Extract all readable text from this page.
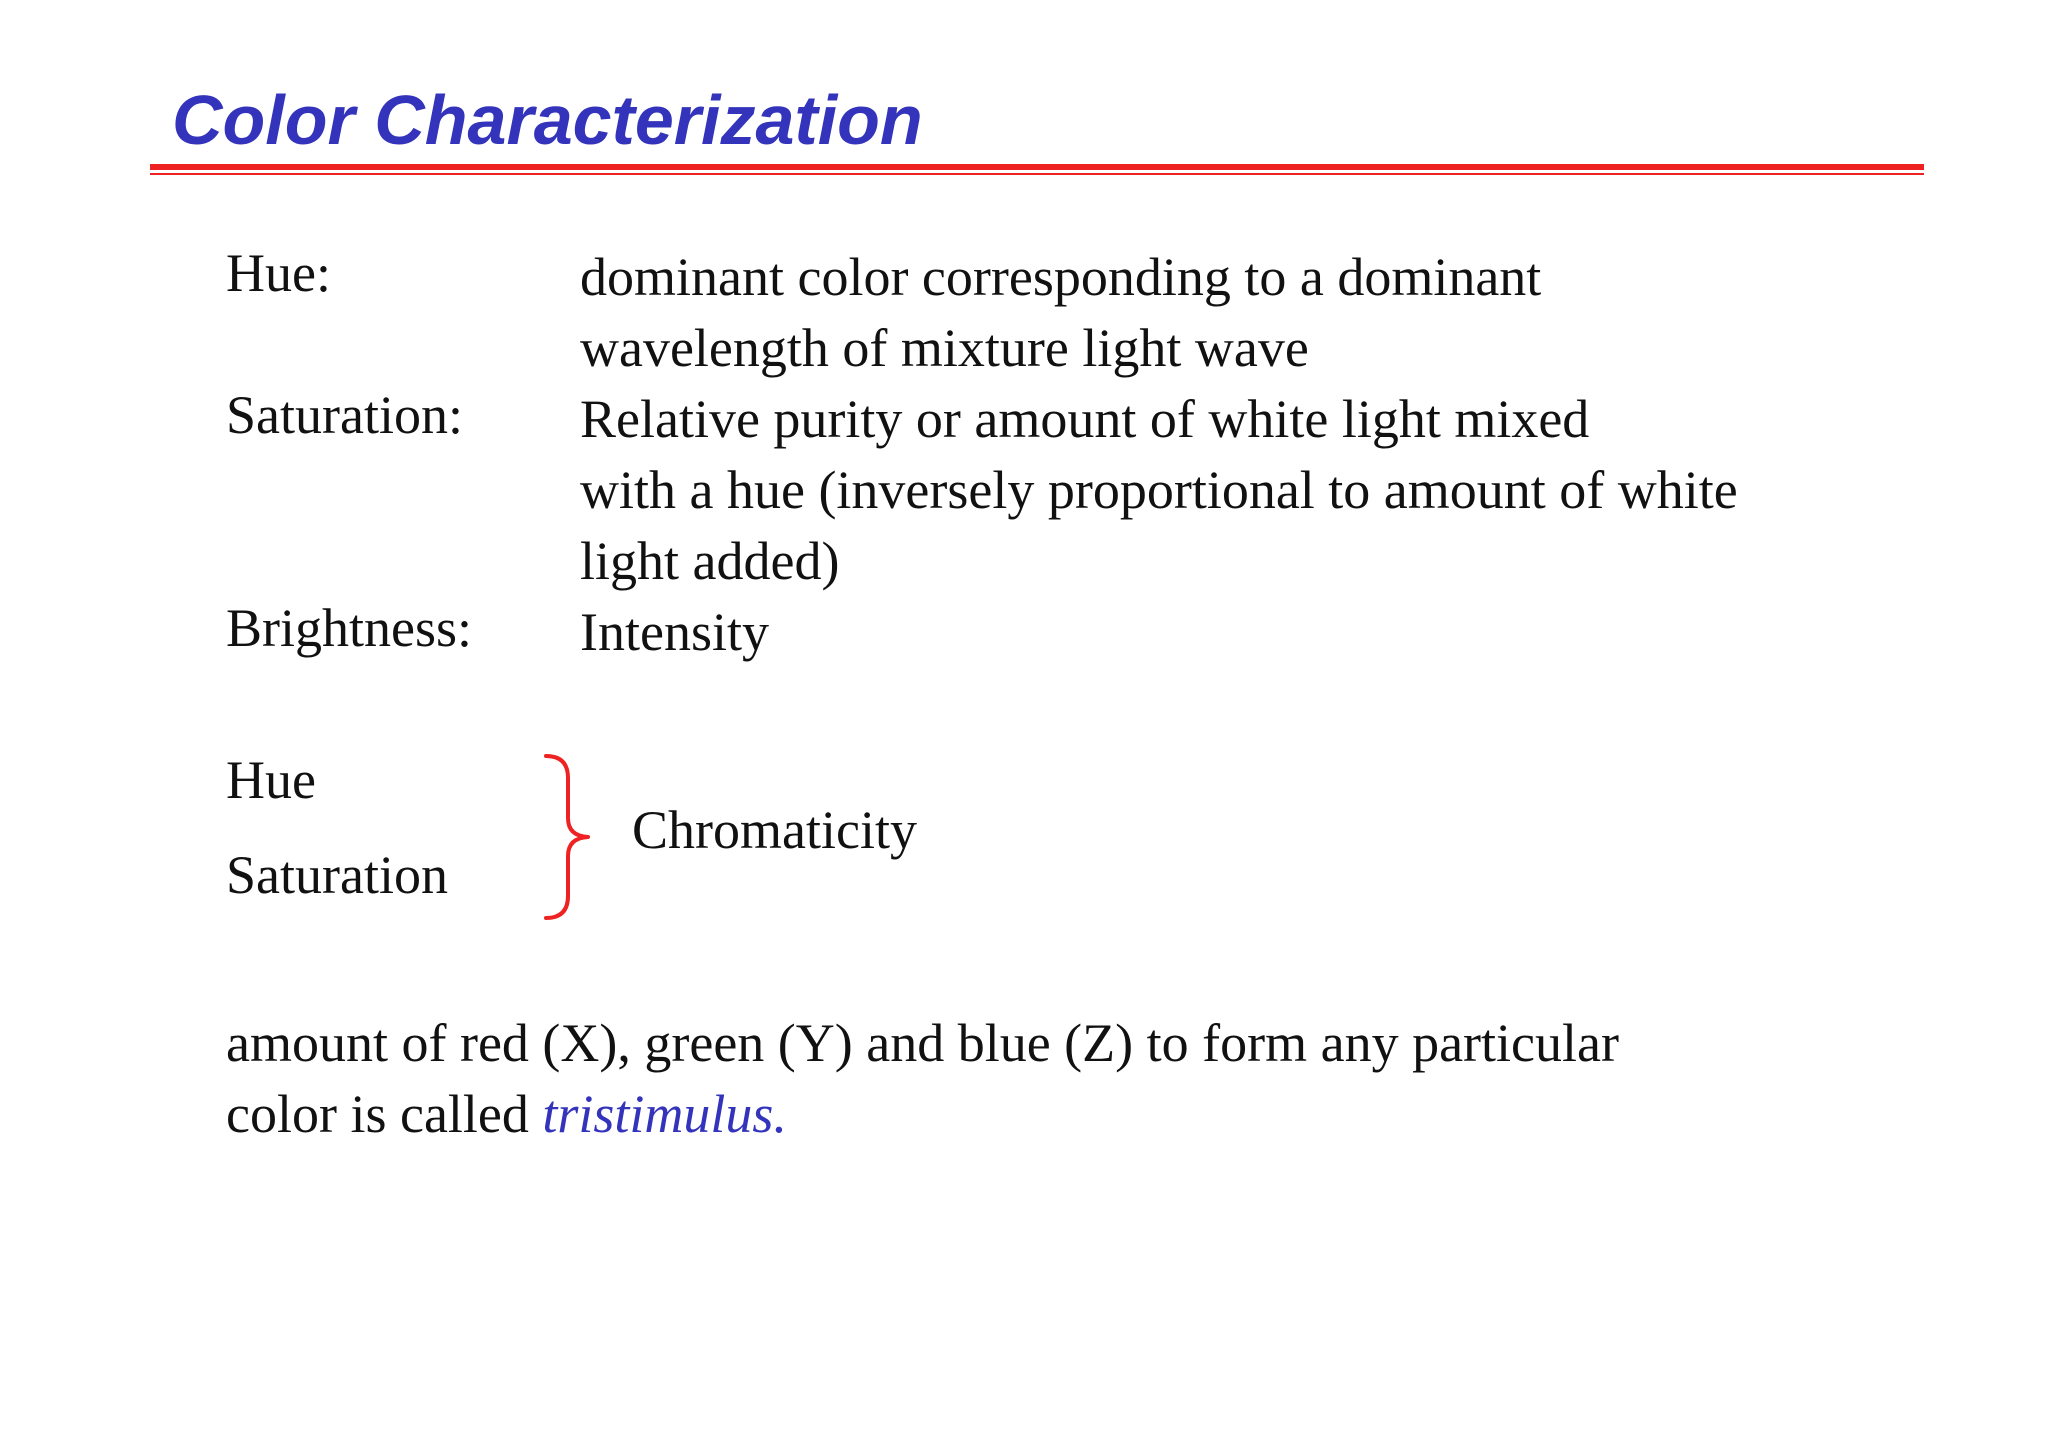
Color Characterization
Hue:	dominant color corresponding to a dominant
wavelength of mixture light wave
Saturation: Relative purity or amount of white light mixed
with a hue (inversely proportional to amount of white
light added)
Brightness: Intensity
Hue
Saturation
Chromaticity
amount of red (X), green (Y) and blue (Z) to form any particular
color is called tristimulus.
